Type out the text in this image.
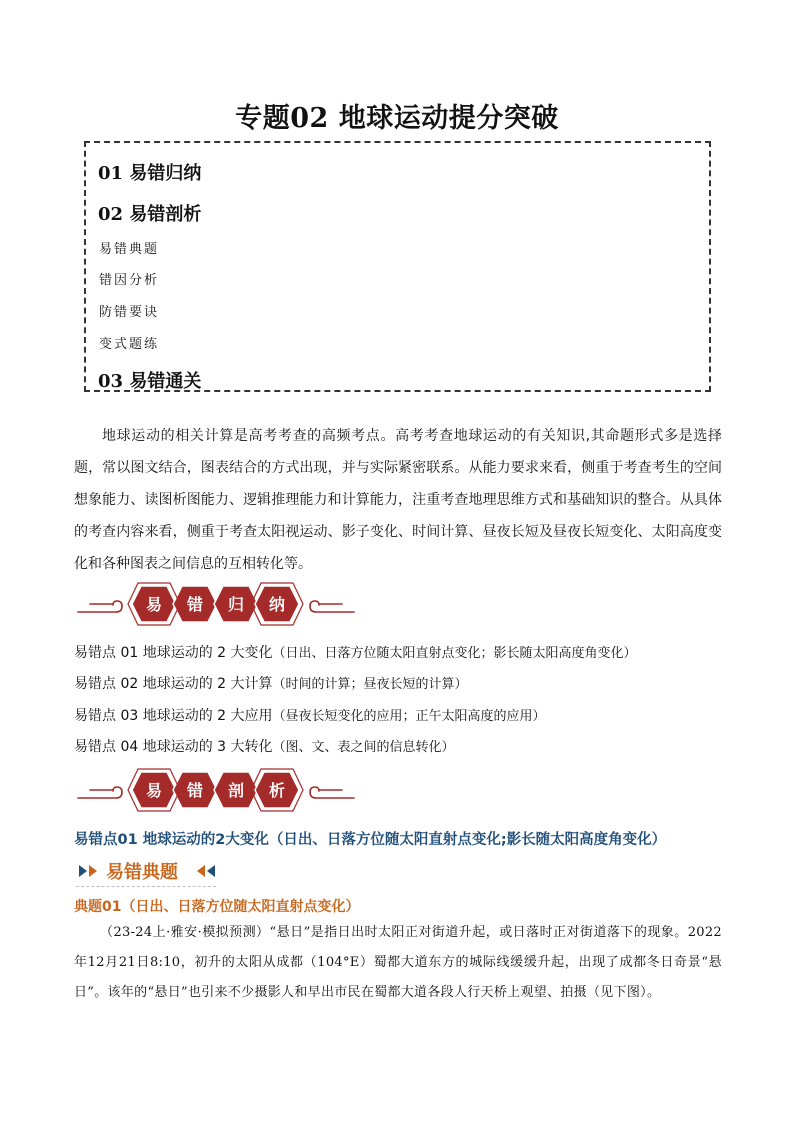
专题02 地球运动提分突破
01 易错归纳
02 易错剖析
易错典题
错因分析
防错要诀
变式题练
03 易错通关
地球运动的相关计算是高考考查的高频考点。高考考查地球运动的有关知识,其命题形式多是选择题，常以图文结合，图表结合的方式出现，并与实际紧密联系。从能力要求来看，侧重于考查考生的空间想象能力、读图析图能力、逻辑推理能力和计算能力，注重考查地理思维方式和基础知识的整合。从具体的考查内容来看，侧重于考查太阳视运动、影子变化、时间计算、昼夜长短及昼夜长短变化、太阳高度变化和各种图表之间信息的互相转化等。
易 错 归 纳
易错点 01 地球运动的 2 大变化（日出、日落方位随太阳直射点变化；影长随太阳高度角变化）
易错点 02 地球运动的 2 大计算（时间的计算；昼夜长短的计算）
易错点 03 地球运动的 2 大应用（昼夜长短变化的应用；正午太阳高度的应用）
易错点 04 地球运动的 3 大转化（图、文、表之间的信息转化）
易 错 剖 析
易错点01 地球运动的2大变化（日出、日落方位随太阳直射点变化;影长随太阳高度角变化）
易错典题
典题01（日出、日落方位随太阳直射点变化）
（23-24上·雅安·模拟预测）“悬日”是指日出时太阳正对街道升起，或日落时正对街道落下的现象。2022年12月21日8:10，初升的太阳从成都（104°E）蜀都大道东方的城际线缓缓升起，出现了成都冬日奇景“悬日”。该年的“悬日”也引来不少摄影人和早出市民在蜀都大道各段人行天桥上观望、拍摄（见下图）。
